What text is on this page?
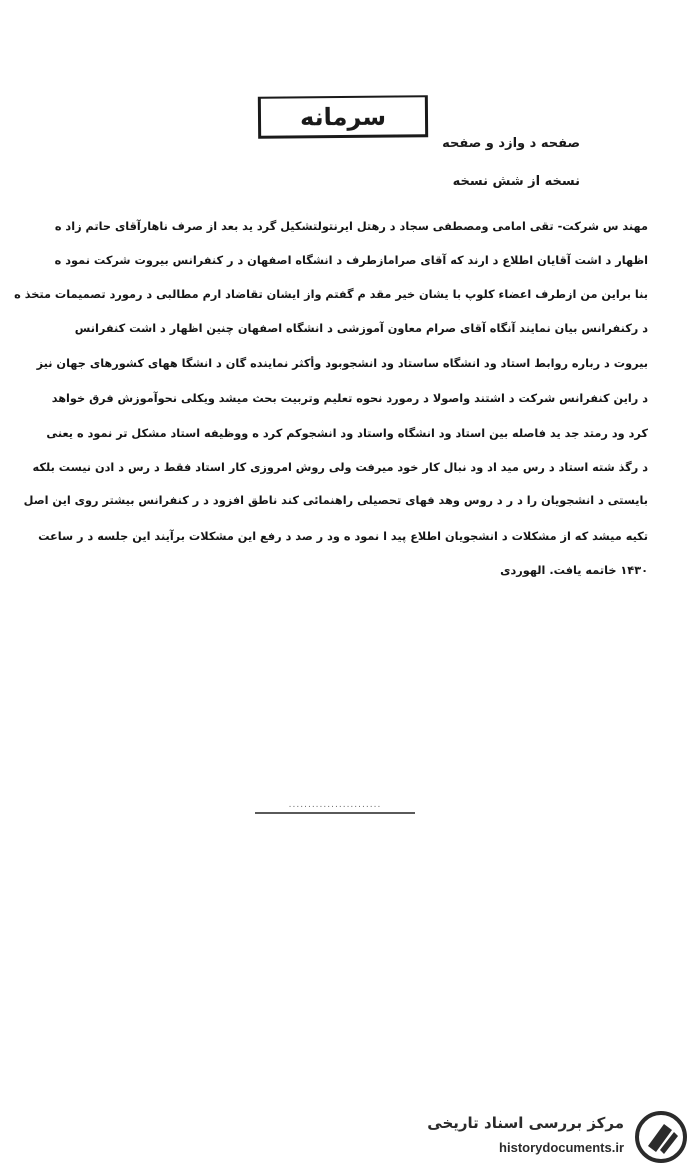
سرمانه
صفحه د وازد و صفحه
نسخه از شش نسخه
مهند س شرکت- تقی امامی ومصطفی سجاد د رهتل ایرنتولتشکیل گرد ید بعد از صرف ناهارآقای حاتم زاد ه
اظهار د اشت آقایان اطلاع د ارند که آقای صرامازطرف د انشگاه اصفهان د ر کنفرانس بیروت شرکت نمود ه
بنا براین من ازطرف اعضاء کلوپ با یشان خیر مقد م گفتم واز ایشان تقاضاد ارم مطالبی د رمورد تصمیمات متخذ ه
د رکنفرانس بیان نمایند آنگاه آقای صرام معاون آموزشی د انشگاه اصفهان چنین اظهار د اشت کنفرانس
بیروت د رباره روابط استاد ود انشگاه ساستاد ود انشجوبود وأکثر نماینده گان د انشگا ههای کشورهای جهان نیز
د راین کنفرانس شرکت د اشتند واصولا د رمورد نحوه تعلیم وتربیت بحث میشد ویکلی نحوآموزش فرق خواهد
کرد ود رمتد جد ید فاصله بین استاد ود انشگاه واستاد ود انشجوکم کرد ه ووظیفه استاد مشکل تر نمود ه یعنی
د رگذ شته استاد د رس مید اد ود نبال کار خود میرفت ولی روش امروزی کار استاد فقط د رس د ادن نیست بلکه
بایستی د انشجویان را د ر د روس وهد فهای تحصیلی راهنمائی کند ناطق افزود د ر کنفرانس بیشتر روی این اصل
تکیه میشد که از مشکلات د انشجویان اطلاع پید ا نمود ه ود ر صد د رفع این مشکلات برآیند این جلسه د ر ساعت
۱۴۳۰ خاتمه یافت. الهوردی
........................
مرکز بررسی اسناد تاریخی
historydocuments.ir
